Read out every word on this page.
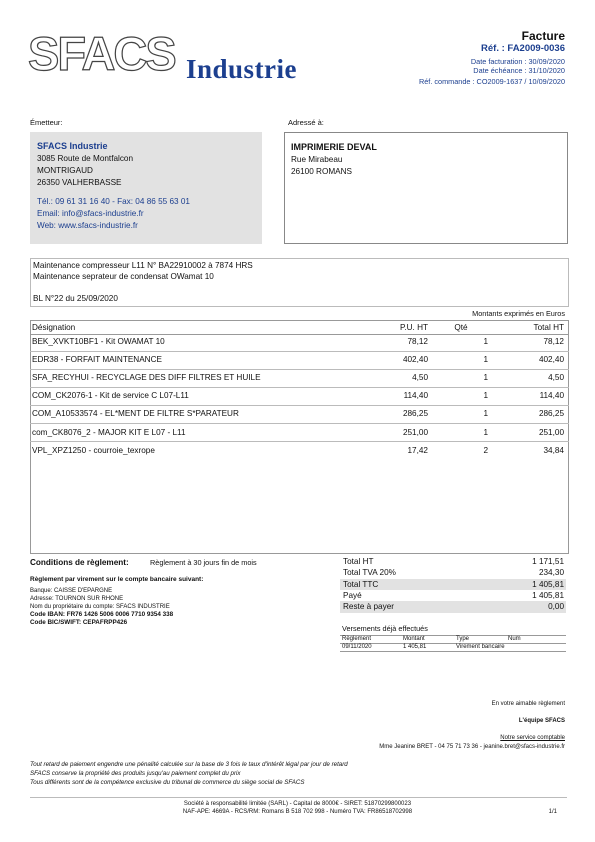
SFACS Industrie
Facture
Réf. : FA2009-0036
Date facturation : 30/09/2020
Date échéance : 31/10/2020
Réf. commande : CO2009-1637 / 10/09/2020
Émetteur:
SFACS Industrie
3085 Route de Montfalcon
MONTRIGAUD
26350 VALHERBASSE
Tél.: 09 61 31 16 40 - Fax: 04 86 55 63 01
Email: info@sfacs-industrie.fr
Web: www.sfacs-industrie.fr
Adressé à:
IMPRIMERIE DEVAL
Rue Mirabeau
26100 ROMANS
Maintenance compresseur L11 N° BA22910002 à 7874 HRS
Maintenance seprateur de condensat OWamat 10
BL N°22 du 25/09/2020
Montants exprimés en Euros
Désignation	P.U. HT	Qté	Total HT
BEK_XVKT10BF1 - Kit OWAMAT 10	78,12	1	78,12
EDR38 - FORFAIT MAINTENANCE	402,40	1	402,40
SFA_RECYHUI - RECYCLAGE DES DIFF FILTRES ET HUILE	4,50	1	4,50
COM_CK2076-1 - Kit de service C L07-L11	114,40	1	114,40
COM_A10533574 - EL*MENT DE FILTRE S*PARATEUR	286,25	1	286,25
com_CK8076_2 - MAJOR KIT E L07 - L11	251,00	1	251,00
VPL_XPZ1250 - courroie_texrope	17,42	2	34,84
Conditions de règlement:	Règlement à 30 jours fin de mois
Règlement par virement sur le compte bancaire suivant:
Banque: CAISSE D'EPARGNE
Adresse: TOURNON SUR RHONE
Nom du propriétaire du compte: SFACS INDUSTRIE
Code IBAN: FR76 1426 5006 0006 7710 9354 338
Code BIC/SWIFT: CEPAFRPP426
Total HT	1 171,51
Total TVA 20%	234,30
Total TTC	1 405,81
Payé	1 405,81
Reste à payer	0,00
Versements déjà effectués
Règlement	Montant	Type	Num
09/11/2020	1 405,81	Virement bancaire
En votre aimable règlement
L'équipe SFACS
Notre service comptable
Mme Jeanine BRET - 04 75 71 73 36 - jeanine.bret@sfacs-industrie.fr
Tout retard de paiement engendre une pénalité calculée sur la base de 3 fois le taux d'intérêt légal par jour de retard
SFACS conserve la propriété des produits jusqu'au paiement complet du prix
Tous différents sont de la compétence exclusive du tribunal de commerce du siège social de SFACS
Société à responsabilité limitée (SARL) - Capital de 8000€ - SIRET: 51870299800023
NAF-APE: 4669A - RCS/RM: Romans B 518 702 998 - Numéro TVA: FR86518702998	1/1
